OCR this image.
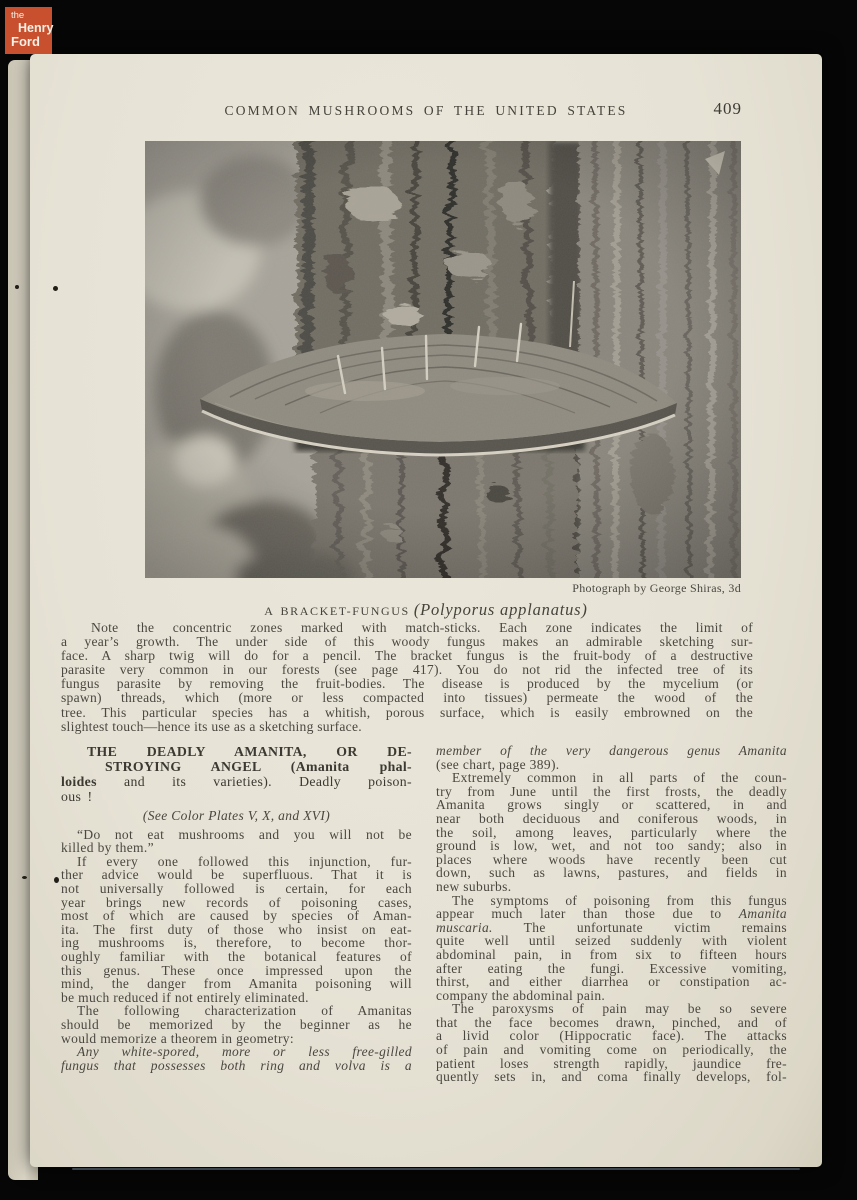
COMMON MUSHROOMS OF THE UNITED STATES	409
Photograph by George Shiras, 3d
A BRACKET-FUNGUS (Polyporus applanatus)
Note the concentric zones marked with match-sticks. Each zone indicates the limit of
a year’s growth. The under side of this woody fungus makes an admirable sketching sur-
face. A sharp twig will do for a pencil. The bracket fungus is the fruit-body of a destructive
parasite very common in our forests (see page 417). You do not rid the infected tree of its
fungus parasite by removing the fruit-bodies. The disease is produced by the mycelium (or
spawn) threads, which (more or less compacted into tissues) permeate the wood of the
tree. This particular species has a whitish, porous surface, which is easily embrowned on the
slightest touch—hence its use as a sketching surface.
THE DEADLY AMANITA, OR DE-
STROYING ANGEL (Amanita phal-
loides and its varieties). Deadly poison-
ous !
(See Color Plates V, X, and XVI)
“Do not eat mushrooms and you will not be
killed by them.”
If every one followed this injunction, fur-
ther advice would be superfluous. That it is
not universally followed is certain, for each
year brings new records of poisoning cases,
most of which are caused by species of Aman-
ita. The first duty of those who insist on eat-
ing mushrooms is, therefore, to become thor-
oughly familiar with the botanical features of
this genus. These once impressed upon the
mind, the danger from Amanita poisoning will
be much reduced if not entirely eliminated.
The following characterization of Amanitas
should be memorized by the beginner as he
would memorize a theorem in geometry:
Any white-spored, more or less free-gilled
fungus that possesses both ring and volva is a
member of the very dangerous genus Amanita
(see chart, page 389).
Extremely common in all parts of the coun-
try from June until the first frosts, the deadly
Amanita grows singly or scattered, in and
near both deciduous and coniferous woods, in
the soil, among leaves, particularly where the
ground is low, wet, and not too sandy; also in
places where woods have recently been cut
down, such as lawns, pastures, and fields in
new suburbs.
The symptoms of poisoning from this fungus
appear much later than those due to Amanita
muscaria. The unfortunate victim remains
quite well until seized suddenly with violent
abdominal pain, in from six to fifteen hours
after eating the fungi. Excessive vomiting,
thirst, and either diarrhea or constipation ac-
company the abdominal pain.
The paroxysms of pain may be so severe
that the face becomes drawn, pinched, and of
a livid color (Hippocratic face). The attacks
of pain and vomiting come on periodically, the
patient loses strength rapidly, jaundice fre-
quently sets in, and coma finally develops, fol-
the
Henry
Ford
